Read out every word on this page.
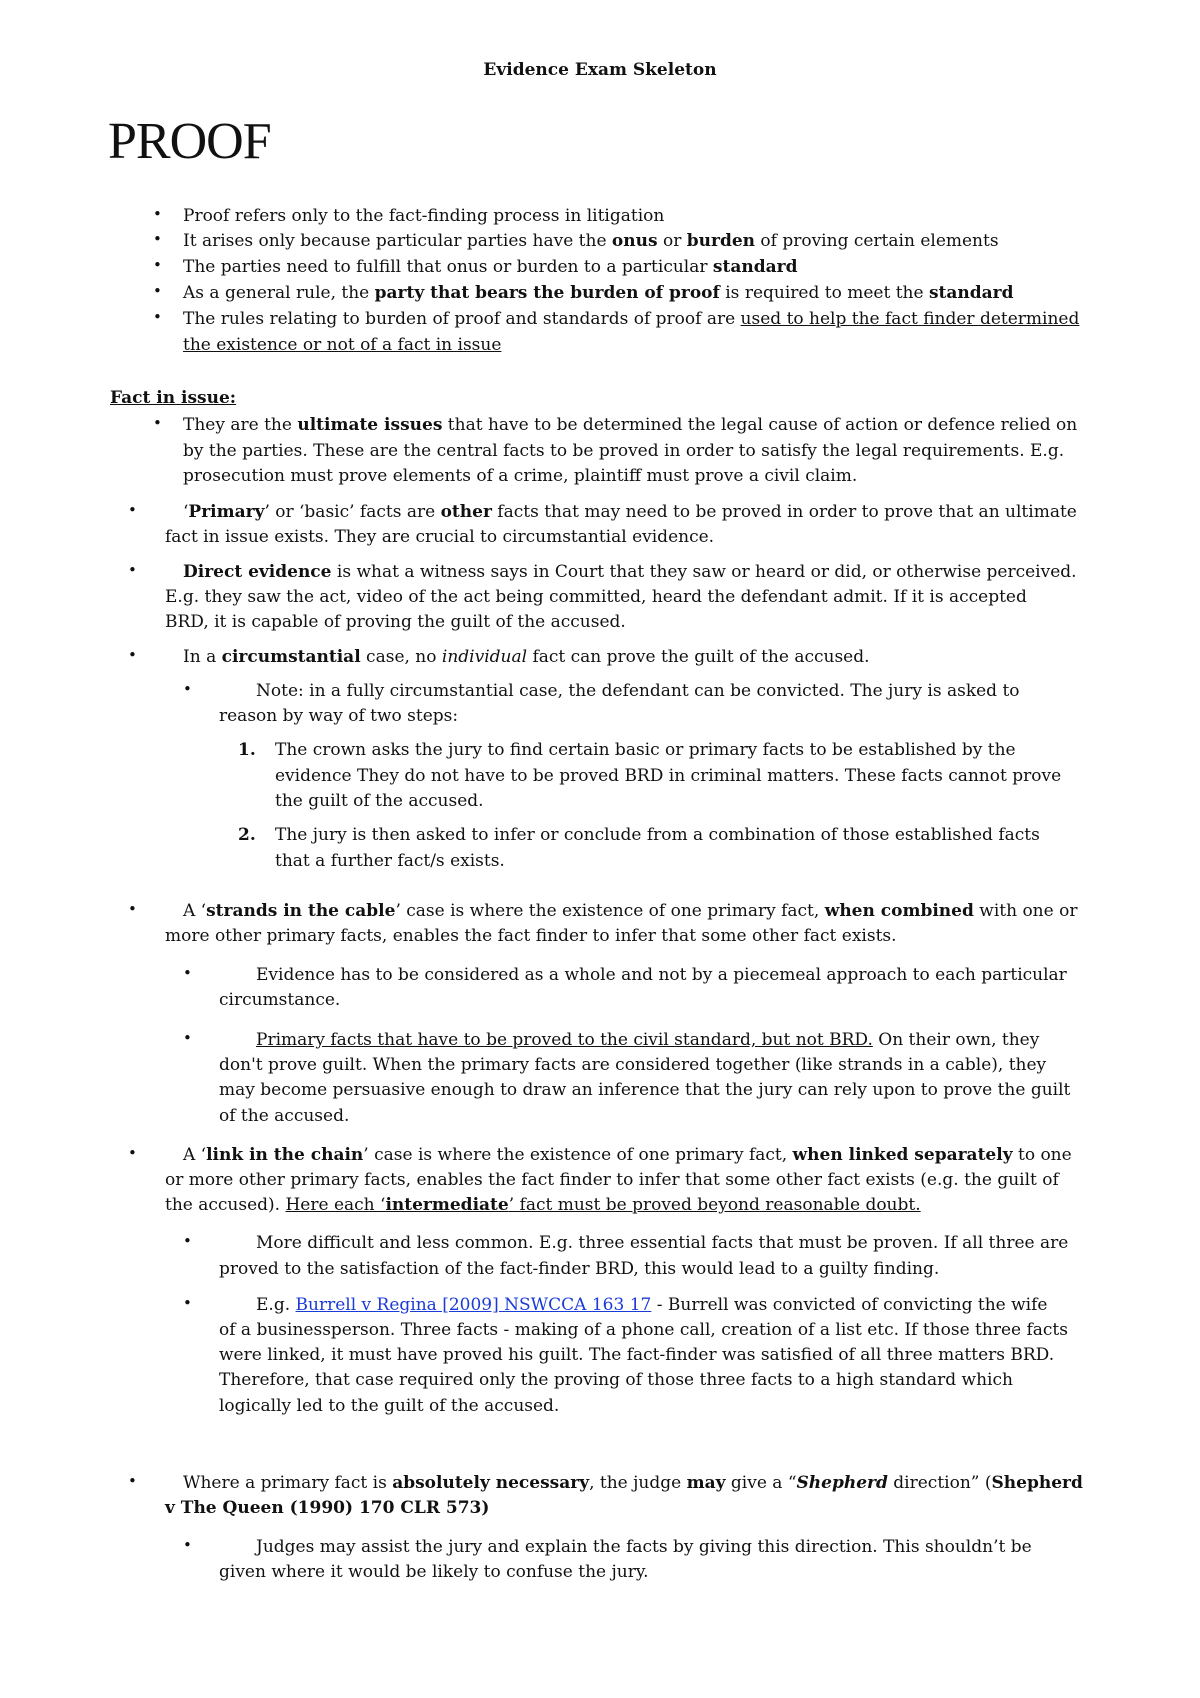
Evidence Exam Skeleton
PROOF
• Proof refers only to the fact-finding process in litigation
• It arises only because particular parties have the onus or burden of proving certain elements
• The parties need to fulfill that onus or burden to a particular standard
• As a general rule, the party that bears the burden of proof is required to meet the standard
• The rules relating to burden of proof and standards of proof are used to help the fact finder determined
the existence or not of a fact in issue
Fact in issue:
• They are the ultimate issues that have to be determined the legal cause of action or defence relied on
by the parties. These are the central facts to be proved in order to satisfy the legal requirements. E.g.
prosecution must prove elements of a crime, plaintiff must prove a civil claim.
•	‘Primary’ or ‘basic’ facts are other facts that may need to be proved in order to prove that an ultimate
fact in issue exists. They are crucial to circumstantial evidence.
•	Direct evidence is what a witness says in Court that they saw or heard or did, or otherwise perceived.
E.g. they saw the act, video of the act being committed, heard the defendant admit. If it is accepted
BRD, it is capable of proving the guilt of the accused.
•	In a circumstantial case, no individual fact can prove the guilt of the accused.
•	Note: in a fully circumstantial case, the defendant can be convicted. The jury is asked to
reason by way of two steps:
1. The crown asks the jury to find certain basic or primary facts to be established by the
evidence They do not have to be proved BRD in criminal matters. These facts cannot prove
the guilt of the accused.
2. The jury is then asked to infer or conclude from a combination of those established facts
that a further fact/s exists.
•	A ‘strands in the cable’ case is where the existence of one primary fact, when combined with one or
more other primary facts, enables the fact finder to infer that some other fact exists.
•	Evidence has to be considered as a whole and not by a piecemeal approach to each particular
circumstance.
•	Primary facts that have to be proved to the civil standard, but not BRD. On their own, they
don't prove guilt. When the primary facts are considered together (like strands in a cable), they
may become persuasive enough to draw an inference that the jury can rely upon to prove the guilt
of the accused.
•	A ‘link in the chain’ case is where the existence of one primary fact, when linked separately to one
or more other primary facts, enables the fact finder to infer that some other fact exists (e.g. the guilt of
the accused). Here each ‘intermediate’ fact must be proved beyond reasonable doubt.
•	More difficult and less common. E.g. three essential facts that must be proven. If all three are
proved to the satisfaction of the fact-finder BRD, this would lead to a guilty finding.
•	E.g. Burrell v Regina [2009] NSWCCA 163 17 - Burrell was convicted of convicting the wife
of a businessperson. Three facts - making of a phone call, creation of a list etc. If those three facts
were linked, it must have proved his guilt. The fact-finder was satisfied of all three matters BRD.
Therefore, that case required only the proving of those three facts to a high standard which
logically led to the guilt of the accused.
•	Where a primary fact is absolutely necessary, the judge may give a “Shepherd direction” (Shepherd
v The Queen (1990) 170 CLR 573)
•	Judges may assist the jury and explain the facts by giving this direction. This shouldn’t be
given where it would be likely to confuse the jury.
